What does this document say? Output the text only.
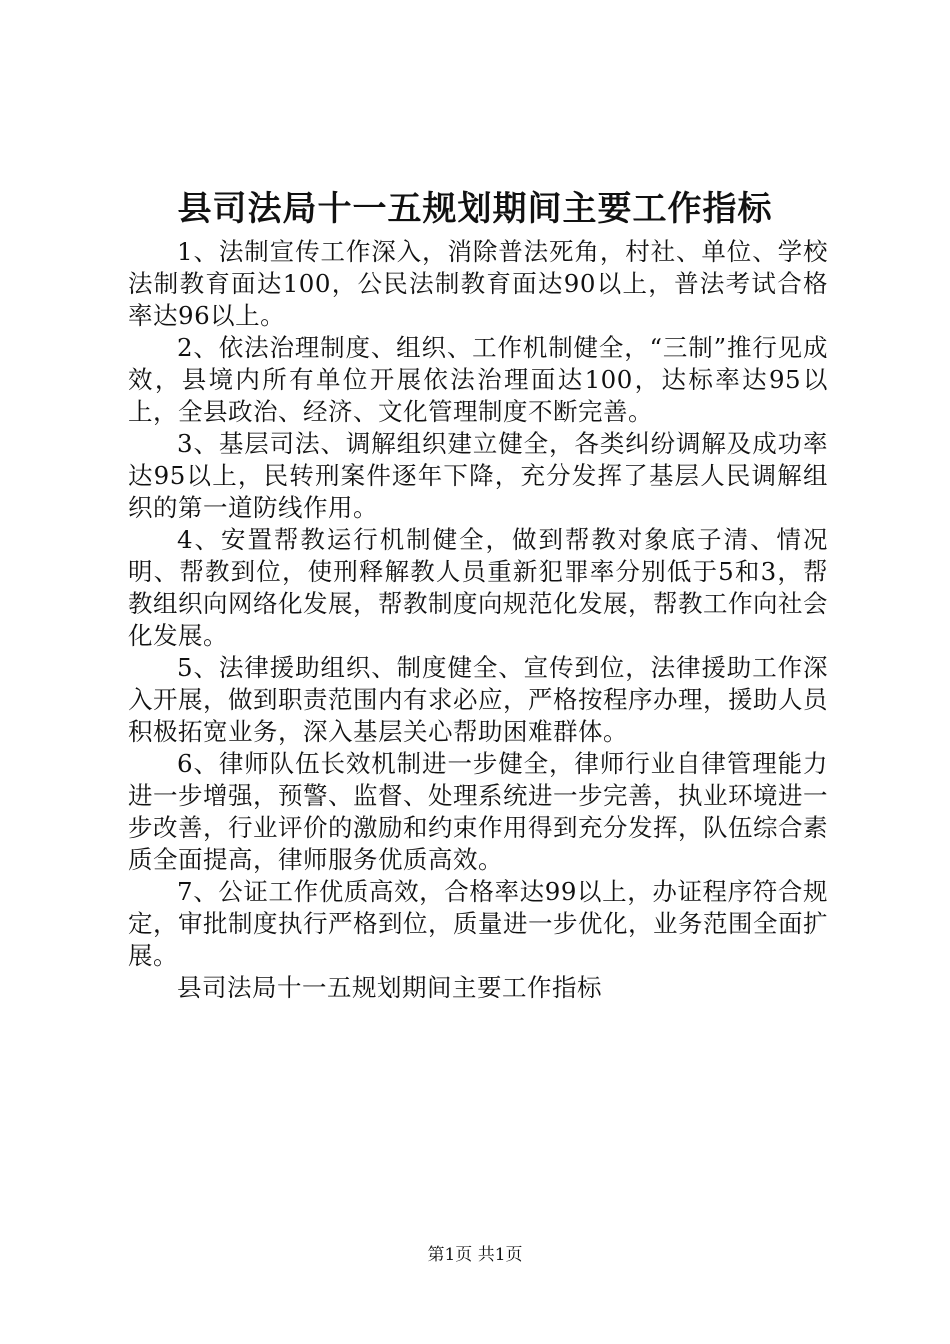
县司法局十一五规划期间主要工作指标

1、法制宣传工作深入，消除普法死角，村社、单位、学校法制教育面达100，公民法制教育面达90以上，普法考试合格率达96以上。

2、依法治理制度、组织、工作机制健全，“三制”推行见成效，县境内所有单位开展依法治理面达100，达标率达95以上，全县政治、经济、文化管理制度不断完善。

3、基层司法、调解组织建立健全，各类纠纷调解及成功率达95以上，民转刑案件逐年下降，充分发挥了基层人民调解组织的第一道防线作用。

4、安置帮教运行机制健全，做到帮教对象底子清、情况明、帮教到位，使刑释解教人员重新犯罪率分别低于5和3，帮教组织向网络化发展，帮教制度向规范化发展，帮教工作向社会化发展。

5、法律援助组织、制度健全、宣传到位，法律援助工作深入开展，做到职责范围内有求必应，严格按程序办理，援助人员积极拓宽业务，深入基层关心帮助困难群体。

6、律师队伍长效机制进一步健全，律师行业自律管理能力进一步增强，预警、监督、处理系统进一步完善，执业环境进一步改善，行业评价的激励和约束作用得到充分发挥，队伍综合素质全面提高，律师服务优质高效。

7、公证工作优质高效，合格率达99以上，办证程序符合规定，审批制度执行严格到位，质量进一步优化，业务范围全面扩展。

县司法局十一五规划期间主要工作指标

第1页 共1页
